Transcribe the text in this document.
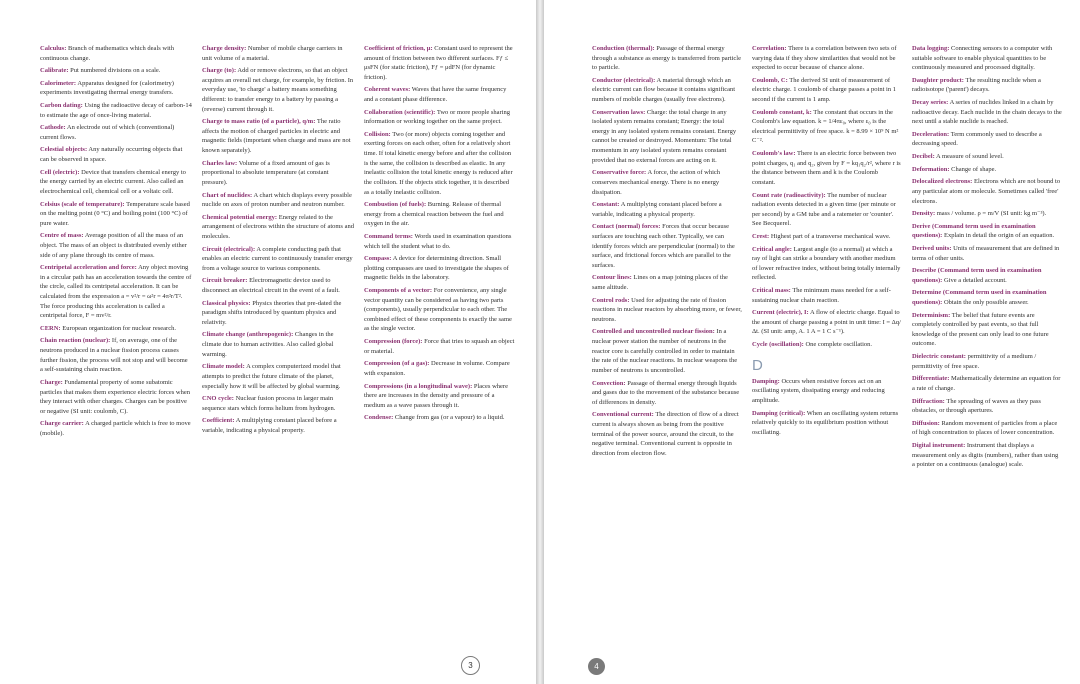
Calculus: Branch of mathematics which deals with continuous change.

Calibrate: Put numbered divisions on a scale.

Calorimeter: Apparatus designed for (calorimetry) experiments investigating thermal energy transfers.

Carbon dating: Using the radioactive decay of carbon-14 to estimate the age of once-living material.

Cathode: An electrode out of which (conventional) current flows.

Celestial objects: Any naturally occurring objects that can be observed in space.

Cell (electric): Device that transfers chemical energy to the energy carried by an electric current. Also called an electrochemical cell, chemical cell or a voltaic cell.

Celsius (scale of temperature): Temperature scale based on the melting point (0 °C) and boiling point (100 °C) of pure water.

Centre of mass: Average position of all the mass of an object. The mass of an object is distributed evenly either side of any plane through its centre of mass.

Centripetal acceleration and force: Any object moving in a circular path has an acceleration towards the centre of the circle, called its centripetal acceleration. It can be calculated from the expression a = v²/r = ω²r = 4π²r/T². The force producing this acceleration is called a centripetal force, F = mv²/r.

CERN: European organization for nuclear research.

Chain reaction (nuclear): If, on average, one of the neutrons produced in a nuclear fission process causes further fission, the process will not stop and will become a self-sustaining chain reaction.

Charge: Fundamental property of some subatomic particles that makes them experience electric forces when they interact with other charges. Charges can be positive or negative (SI unit: coulomb, C).

Charge carrier: A charged particle which is free to move (mobile).

Charge density: Number of mobile charge carriers in unit volume of a material.

Charge (to): Add or remove electrons, so that an object acquires an overall net charge, for example, by friction. In everyday use, 'to charge' a battery means something different: to transfer energy to a battery by passing a (reverse) current through it.

Charge to mass ratio (of a particle), q/m: The ratio affects the motion of charged particles in electric and magnetic fields (important when charge and mass are not known separately).

Charles law: Volume of a fixed amount of gas is proportional to absolute temperature (at constant pressure).

Chart of nuclides: A chart which displays every possible nuclide on axes of proton number and neutron number.

Chemical potential energy: Energy related to the arrangement of electrons within the structure of atoms and molecules.

Circuit (electrical): A complete conducting path that enables an electric current to continuously transfer energy from a voltage source to various components.

Circuit breaker: Electromagnetic device used to disconnect an electrical circuit in the event of a fault.

Classical physics: Physics theories that pre-dated the paradigm shifts introduced by quantum physics and relativity.

Climate change (anthropogenic): Changes in the climate due to human activities. Also called global warming.

Climate model: A complex computerized model that attempts to predict the future climate of the planet, especially how it will be affected by global warming.

CNO cycle: Nuclear fusion process in larger main sequence stars which forms helium from hydrogen.

Coefficient: A multiplying constant placed before a variable, indicating a physical property.

Coefficient of friction, μ: Constant used to represent the amount of friction between two different surfaces. Fƒ ≤ μsFN (for static friction), Fƒ = μdFN (for dynamic friction).

Coherent waves: Waves that have the same frequency and a constant phase difference.

Collaboration (scientific): Two or more people sharing information or working together on the same project.

Collision: Two (or more) objects coming together and exerting forces on each other, often for a relatively short time. If total kinetic energy before and after the collision is the same, the collision is described as elastic. In any inelastic collision the total kinetic energy is reduced after the collision. If the objects stick together, it is described as a totally inelastic collision.

Combustion (of fuels): Burning. Release of thermal energy from a chemical reaction between the fuel and oxygen in the air.

Command terms: Words used in examination questions which tell the student what to do.

Compass: A device for determining direction. Small plotting compasses are used to investigate the shapes of magnetic fields in the laboratory.

Components of a vector: For convenience, any single vector quantity can be considered as having two parts (components), usually perpendicular to each other. The combined effect of these components is exactly the same as the single vector.

Compression (force): Force that tries to squash an object or material.

Compression (of a gas): Decrease in volume. Compare with expansion.

Compressions (in a longitudinal wave): Places where there are increases in the density and pressure of a medium as a wave passes through it.

Condense: Change from gas (or a vapour) to a liquid.

3

Conduction (thermal): Passage of thermal energy through a substance as energy is transferred from particle to particle.

Conductor (electrical): A material through which an electric current can flow because it contains significant numbers of mobile charges (usually free electrons).

Conservation laws: Charge: the total charge in any isolated system remains constant; Energy: the total energy in any isolated system remains constant. Energy cannot be created or destroyed. Momentum: The total momentum in any isolated system remains constant provided that no external forces are acting on it.

Conservative force: A force, the action of which conserves mechanical energy. There is no energy dissipation.

Constant: A multiplying constant placed before a variable, indicating a physical property.

Contact (normal) forces: Forces that occur because surfaces are touching each other. Typically, we can identify forces which are perpendicular (normal) to the surface, and frictional forces which are parallel to the surfaces.

Contour lines: Lines on a map joining places of the same altitude.

Control rods: Used for adjusting the rate of fission reactions in nuclear reactors by absorbing more, or fewer, neutrons.

Controlled and uncontrolled nuclear fission: In a nuclear power station the number of neutrons in the reactor core is carefully controlled in order to maintain the rate of the nuclear reactions. In nuclear weapons the number of neutrons is uncontrolled.

Convection: Passage of thermal energy through liquids and gases due to the movement of the substance because of differences in density.

Conventional current: The direction of flow of a direct current is always shown as being from the positive terminal of the power source, around the circuit, to the negative terminal. Conventional current is opposite in direction from electron flow.

Correlation: There is a correlation between two sets of varying data if they show similarities that would not be expected to occur because of chance alone.

Coulomb, C: The derived SI unit of measurement of electric charge. 1 coulomb of charge passes a point in 1 second if the current is 1 amp.

Coulomb constant, k: The constant that occurs in the Coulomb's law equation. k = 1/4πε₀, where ε₀ is the electrical permittivity of free space. k = 8.99 × 10⁹ N m² C⁻².

Coulomb's law: There is an electric force between two point charges, q₁ and q₂, given by F = kq₁q₂/r², where r is the distance between them and k is the Coulomb constant.

Count rate (radioactivity): The number of nuclear radiation events detected in a given time (per minute or per second) by a GM tube and a ratemeter or 'counter'. See Becquerel.

Crest: Highest part of a transverse mechanical wave.

Critical angle: Largest angle (to a normal) at which a ray of light can strike a boundary with another medium of lower refractive index, without being totally internally reflected.

Critical mass: The minimum mass needed for a self-sustaining nuclear chain reaction.

Current (electric), I: A flow of electric charge. Equal to the amount of charge passing a point in unit time: I = Δq/Δt. (SI unit: amp, A. 1 A = 1 C s⁻¹).

Cycle (oscillation): One complete oscillation.

D

Damping: Occurs when resistive forces act on an oscillating system, dissipating energy and reducing amplitude.

Damping (critical): When an oscillating system returns relatively quickly to its equilibrium position without oscillating.

Data logging: Connecting sensors to a computer with suitable software to enable physical quantities to be continuously measured and processed digitally.

Daughter product: The resulting nuclide when a radioisotope ('parent') decays.

Decay series: A series of nuclides linked in a chain by radioactive decay. Each nuclide in the chain decays to the next until a stable nuclide is reached.

Deceleration: Term commonly used to describe a decreasing speed.

Decibel: A measure of sound level.

Deformation: Change of shape.

Delocalized electrons: Electrons which are not bound to any particular atom or molecule. Sometimes called 'free' electrons.

Density: mass / volume. ρ = m/V (SI unit: kg m⁻³).

Derive (Command term used in examination questions): Explain in detail the origin of an equation.

Derived units: Units of measurement that are defined in terms of other units.

Describe (Command term used in examination questions): Give a detailed account.

Determine (Command term used in examination questions): Obtain the only possible answer.

Determinism: The belief that future events are completely controlled by past events, so that full knowledge of the present can only lead to one future outcome.

Dielectric constant: permittivity of a medium / permittivity of free space.

Differentiate: Mathematically determine an equation for a rate of change.

Diffraction: The spreading of waves as they pass obstacles, or through apertures.

Diffusion: Random movement of particles from a place of high concentration to places of lower concentration.

Digital instrument: Instrument that displays a measurement only as digits (numbers), rather than using a pointer on a continuous (analogue) scale.

4
